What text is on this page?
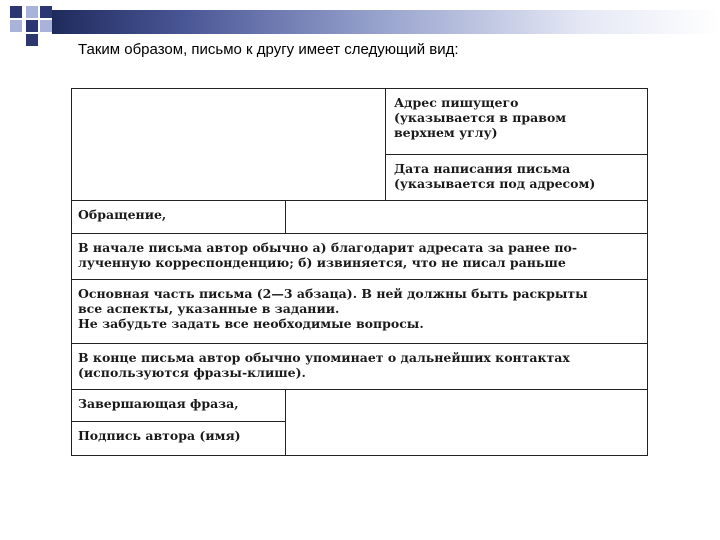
Таким образом, письмо к другу имеет следующий вид:
Адрес пишущего
(указывается в правом
верхнем углу)
Дата написания письма
(указывается под адресом)
Обращение,
В начале письма автор обычно а) благодарит адресата за ранее по-
лученную корреспонденцию; б) извиняется, что не писал раньше
Основная часть письма (2—3 абзаца). В ней должны быть раскрыты
все аспекты, указанные в задании.
Не забудьте задать все необходимые вопросы.
В конце письма автор обычно упоминает о дальнейших контактах
(используются фразы-клише).
Завершающая фраза,
Подпись автора (имя)
